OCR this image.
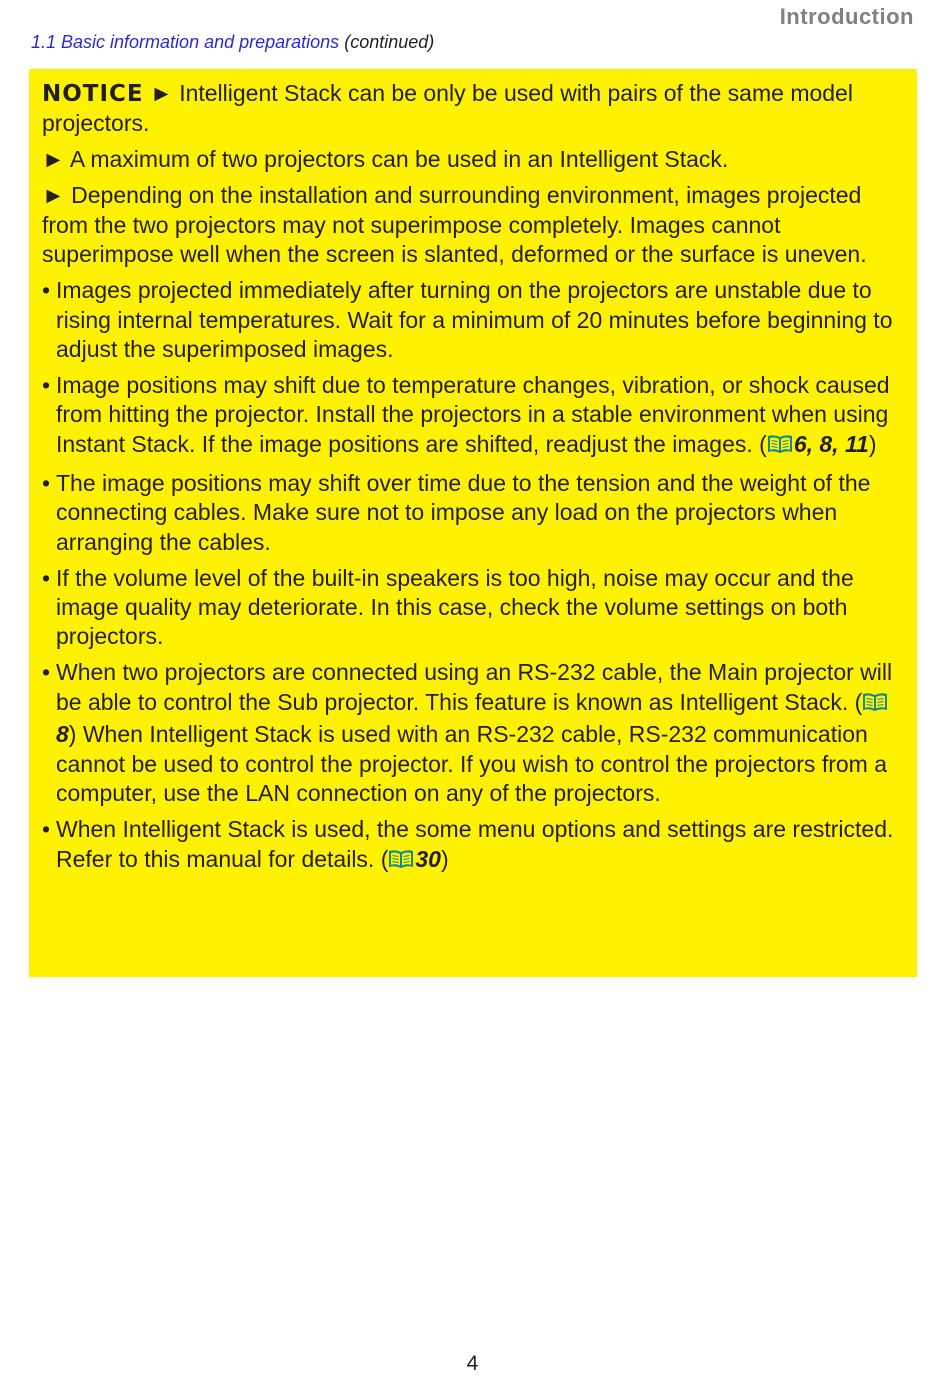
Introduction
1.1 Basic information and preparations (continued)

NOTICE ► Intelligent Stack can be only be used with pairs of the same model projectors.

► A maximum of two projectors can be used in an Intelligent Stack.

► Depending on the installation and surrounding environment, images projected from the two projectors may not superimpose completely. Images cannot superimpose well when the screen is slanted, deformed or the surface is uneven.

• Images projected immediately after turning on the projectors are unstable due to rising internal temperatures. Wait for a minimum of 20 minutes before beginning to adjust the superimposed images.

• Image positions may shift due to temperature changes, vibration, or shock caused from hitting the projector. Install the projectors in a stable environment when using Instant Stack. If the image positions are shifted, readjust the images. ( 6, 8, 11)

• The image positions may shift over time due to the tension and the weight of the connecting cables. Make sure not to impose any load on the projectors when arranging the cables.

• If the volume level of the built-in speakers is too high, noise may occur and the image quality may deteriorate. In this case, check the volume settings on both projectors.

• When two projectors are connected using an RS-232 cable, the Main projector will be able to control the Sub projector. This feature is known as Intelligent Stack. (8) When Intelligent Stack is used with an RS-232 cable, RS-232 communication cannot be used to control the projector. If you wish to control the projectors from a computer, use the LAN connection on any of the projectors.

• When Intelligent Stack is used, the some menu options and settings are restricted. Refer to this manual for details. ( 30)

4
